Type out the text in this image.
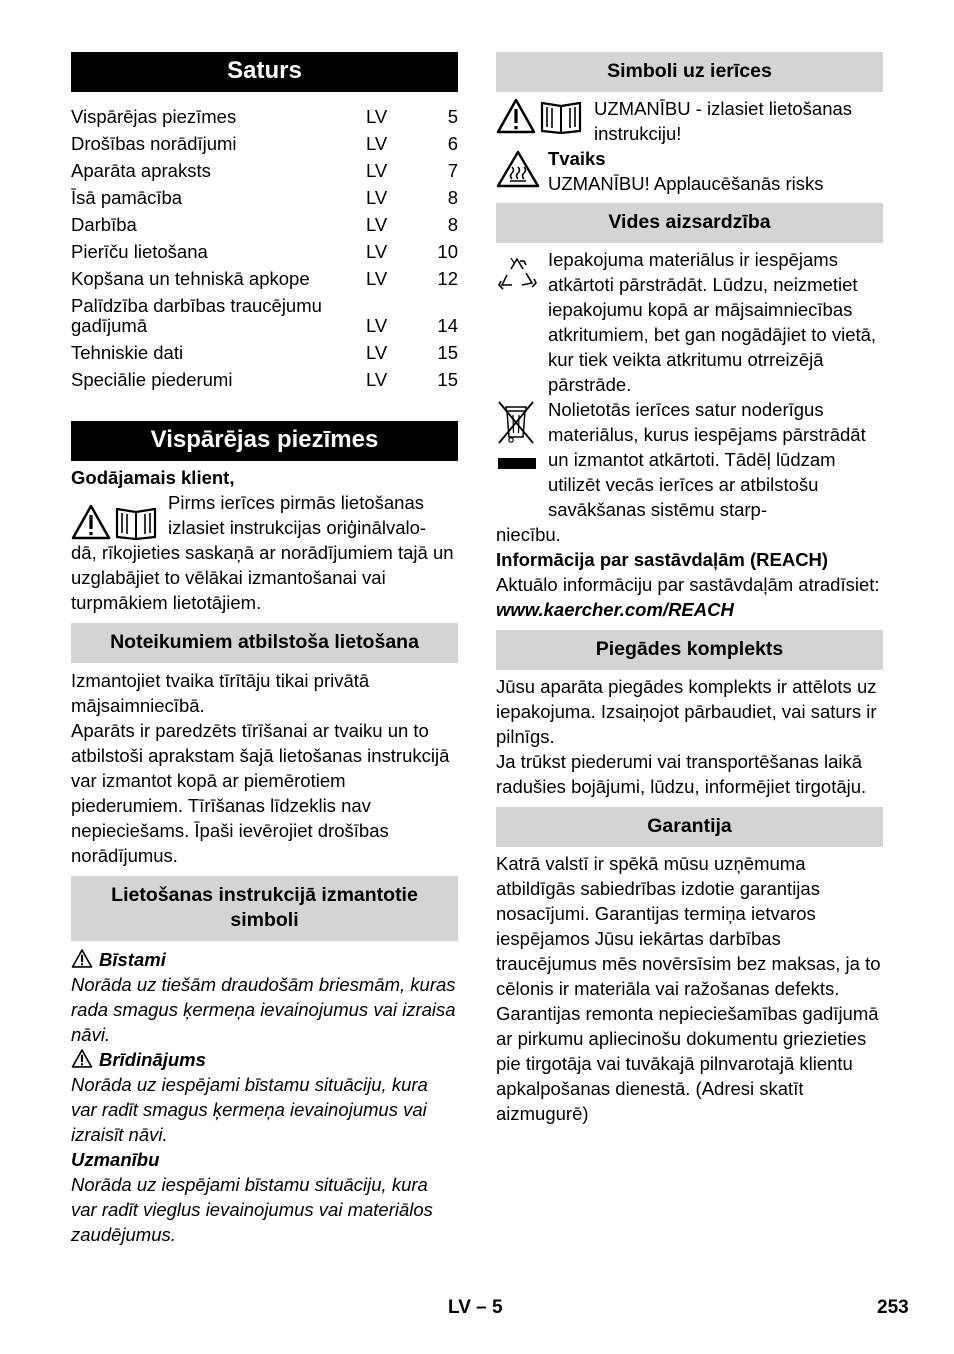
Saturs
Vispārējas piezīmes	LV	5
Drošības norādījumi	LV	6
Aparāta apraksts	LV	7
Īsā pamācība	LV	8
Darbība	LV	8
Pierīču lietošana	LV	10
Kopšana un tehniskā apkope	LV	12
Palīdzība darbības traucējumu gadījumā	LV	14
Tehniskie dati	LV	15
Speciālie piederumi	LV	15
Vispārējas piezīmes

Godājamais klient,

Pirms ierīces pirmās lietošanas izlasiet instrukcijas oriģinālvalo-

dā, rīkojieties saskaņā ar norādījumiem tajā un uzglabājiet to vēlākai izmantošanai vai turpmākiem lietotājiem.

Noteikumiem atbilstoša lietošana

Izmantojiet tvaika tīrītāju tikai privātā mājsaimniecībā.

Aparāts ir paredzēts tīrīšanai ar tvaiku un to atbilstoši aprakstam šajā lietošanas instrukcijā var izmantot kopā ar piemērotiem piederumiem. Tīrīšanas līdzeklis nav nepieciešams. Īpaši ievērojiet drošības norādījumus.

Lietošanas instrukcijā izmantotie simboli

Bīstami

Norāda uz tiešām draudošām briesmām, kuras rada smagus ķermeņa ievainojumus vai izraisa nāvi.

Brīdinājums

Norāda uz iespējami bīstamu situāciju, kura var radīt smagus ķermeņa ievainojumus vai izraisīt nāvi.

Uzmanību

Norāda uz iespējami bīstamu situāciju, kura var radīt vieglus ievainojumus vai materiālos zaudējumus.

Simboli uz ierīces

UZMANĪBU - izlasiet lietošanas instrukciju!

Tvaiks

UZMANĪBU! Applaucēšanās risks

Vides aizsardzība

Iepakojuma materiālus ir iespējams atkārtoti pārstrādāt. Lūdzu, neizmetiet iepakojumu kopā ar mājsaimniecības atkritumiem, bet gan nogādājiet to vietā, kur tiek veikta atkritumu otrreizējā pārstrāde.

Nolietotās ierīces satur noderīgus materiālus, kurus iespējams pārstrādāt un izmantot atkārtoti. Tādēļ lūdzam utilizēt vecās ierīces ar atbilstošu savākšanas sistēmu starp-

niecību.

Informācija par sastāvdaļām (REACH)

Aktuālo informāciju par sastāvdaļām atradīsiet:

www.kaercher.com/REACH

Piegādes komplekts

Jūsu aparāta piegādes komplekts ir attēlots uz iepakojuma. Izsaiņojot pārbaudiet, vai saturs ir pilnīgs.

Ja trūkst piederumi vai transportēšanas laikā radušies bojājumi, lūdzu, informējiet tirgotāju.

Garantija

Katrā valstī ir spēkā mūsu uzņēmuma atbildīgās sabiedrības izdotie garantijas nosacījumi. Garantijas termiņa ietvaros iespējamos Jūsu iekārtas darbības traucējumus mēs novērsīsim bez maksas, ja to cēlonis ir materiāla vai ražošanas defekts. Garantijas remonta nepieciešamības gadījumā ar pirkumu apliecinošu dokumentu griezieties pie tirgotāja vai tuvākajā pilnvarotajā klientu apkalpošanas dienestā. (Adresi skatīt aizmugurē)

LV – 5	253
